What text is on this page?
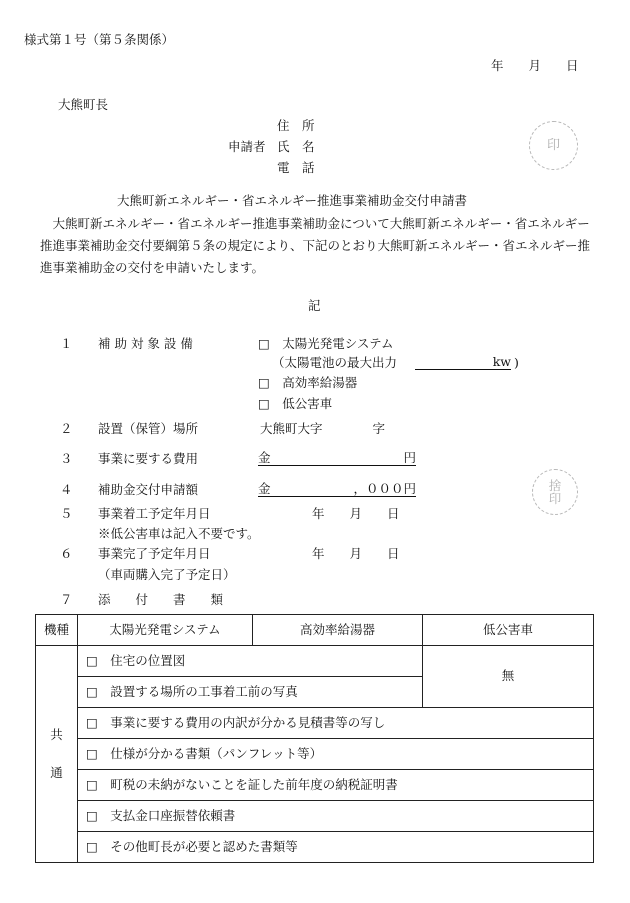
様式第１号（第５条関係）
年　　月　　日
大熊町長
住　所
申請者 氏　名
電　話
印
大熊町新エネルギー・省エネルギー推進事業補助金交付申請書
　大熊町新エネルギー・省エネルギー推進事業補助金について大熊町新エネルギー・省エネルギー推進事業補助金交付要綱第５条の規定により、下記のとおり大熊町新エネルギー・省エネルギー推進事業補助金の交付を申請いたします。
記
１ 補 助 対 象 設 備	□　太陽光発電システム
（太陽電池の最大出力	kw )
□　高効率給湯器
□　低公害車
２ 設置（保管）場所	大熊町大字　　　　字
３ 事業に要する費用	金	円
４ 補助金交付申請額	金	，０００円	捨印
５ 事業着工予定年月日	年　　月　　日
※低公害車は記入不要です。
６ 事業完了予定年月日	年　　月　　日
（車両購入完了予定日）
７ 添　　付　　書　　類
機種	太陽光発電システム	高効率給湯器	低公害車

共通	□　住宅の位置図		無
	□　設置する場所の工事着工前の写真		
	□　事業に要する費用の内訳が分かる見積書等の写し		
	□　仕様が分かる書類（パンフレット等）		
	□　町税の未納がないことを証した前年度の納税証明書		
	□　支払金口座振替依頼書		
	□　その他町長が必要と認めた書類等		
